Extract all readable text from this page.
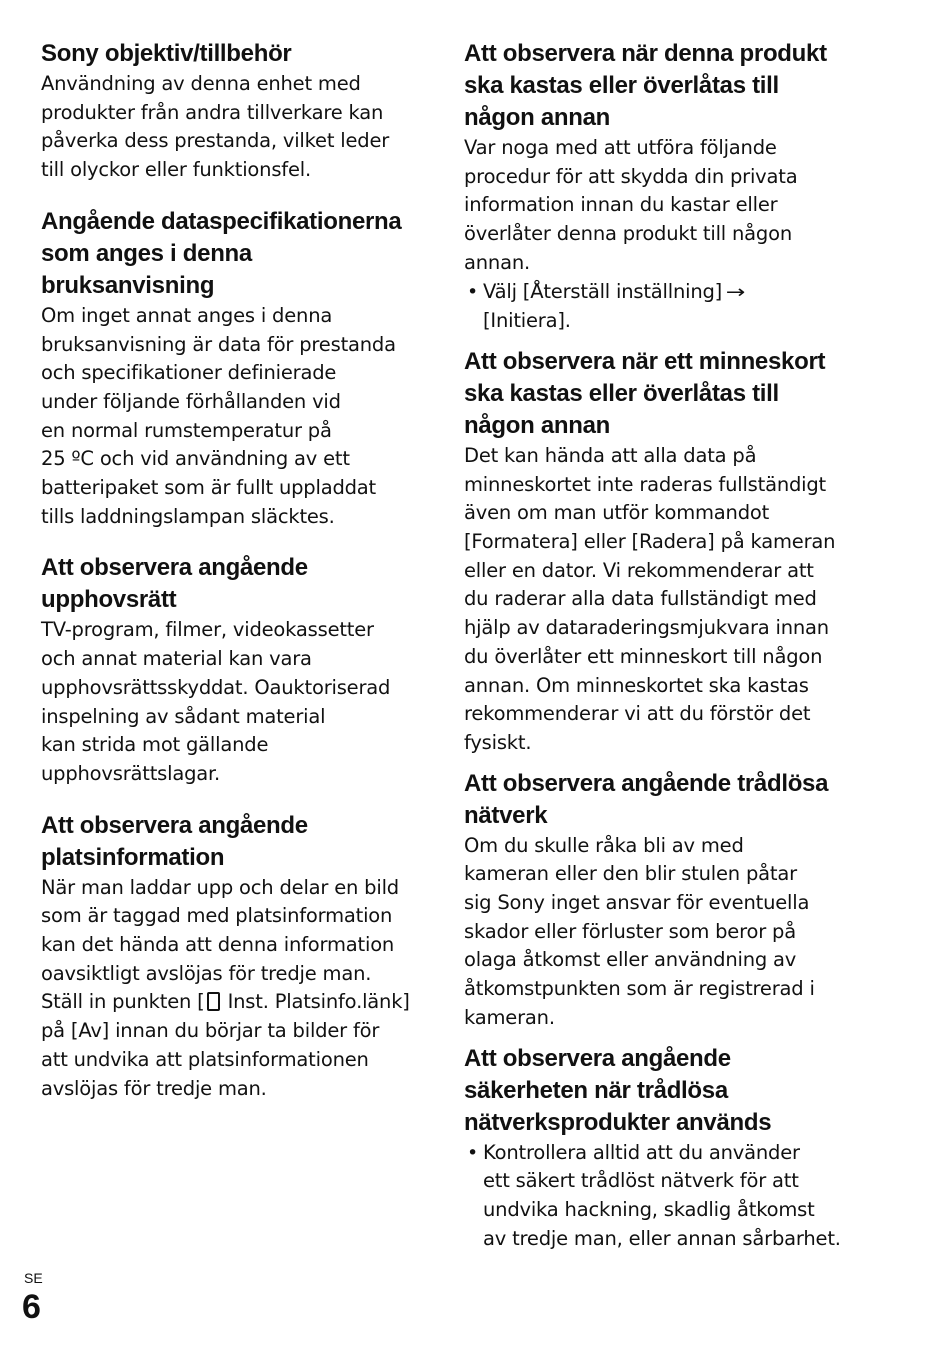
Sony objektiv/tillbehör

Användning av denna enhet med
produkter från andra tillverkare kan
påverka dess prestanda, vilket leder
till olyckor eller funktionsfel.

Angående dataspecifikationerna
som anges i denna bruksanvisning

Om inget annat anges i denna
bruksanvisning är data för prestanda
och specifikationer definierade
under följande förhållanden vid
en normal rumstemperatur på
25 ºC och vid användning av ett
batteripaket som är fullt uppladdat
tills laddningslampan släcktes.

Att observera angående
upphovsrätt

TV-program, filmer, videokassetter
och annat material kan vara
upphovsrättsskyddat. Oauktoriserad
inspelning av sådant material
kan strida mot gällande
upphovsrättslagar.

Att observera angående
platsinformation

När man laddar upp och delar en bild
som är taggad med platsinformation
kan det hända att denna information
oavsiktligt avslöjas för tredje man.
Ställ in punkten [ Inst. Platsinfo.länk]
på [Av] innan du börjar ta bilder för
att undvika att platsinformationen
avslöjas för tredje man.

Att observera när denna produkt
ska kastas eller överlåtas till
någon annan

Var noga med att utföra följande
procedur för att skydda din privata
information innan du kastar eller
överlåter denna produkt till någon
annan.

• Välj [Återställ inställning] →
[Initiera].
Att observera när ett minneskort
ska kastas eller överlåtas till
någon annan

Det kan hända att alla data på
minneskortet inte raderas fullständigt
även om man utför kommandot
[Formatera] eller [Radera] på kameran
eller en dator. Vi rekommenderar att
du raderar alla data fullständigt med
hjälp av dataraderingsmjukvara innan
du överlåter ett minneskort till någon
annan. Om minneskortet ska kastas
rekommenderar vi att du förstör det
fysiskt.

Att observera angående trådlösa
nätverk

Om du skulle råka bli av med
kameran eller den blir stulen påtar
sig Sony inget ansvar för eventuella
skador eller förluster som beror på
olaga åtkomst eller användning av
åtkomstpunkten som är registrerad i
kameran.

Att observera angående
säkerheten när trådlösa
nätverksprodukter används
• Kontrollera alltid att du använder
ett säkert trådlöst nätverk för att
undvika hackning, skadlig åtkomst
av tredje man, eller annan sårbarhet.
SE
6
